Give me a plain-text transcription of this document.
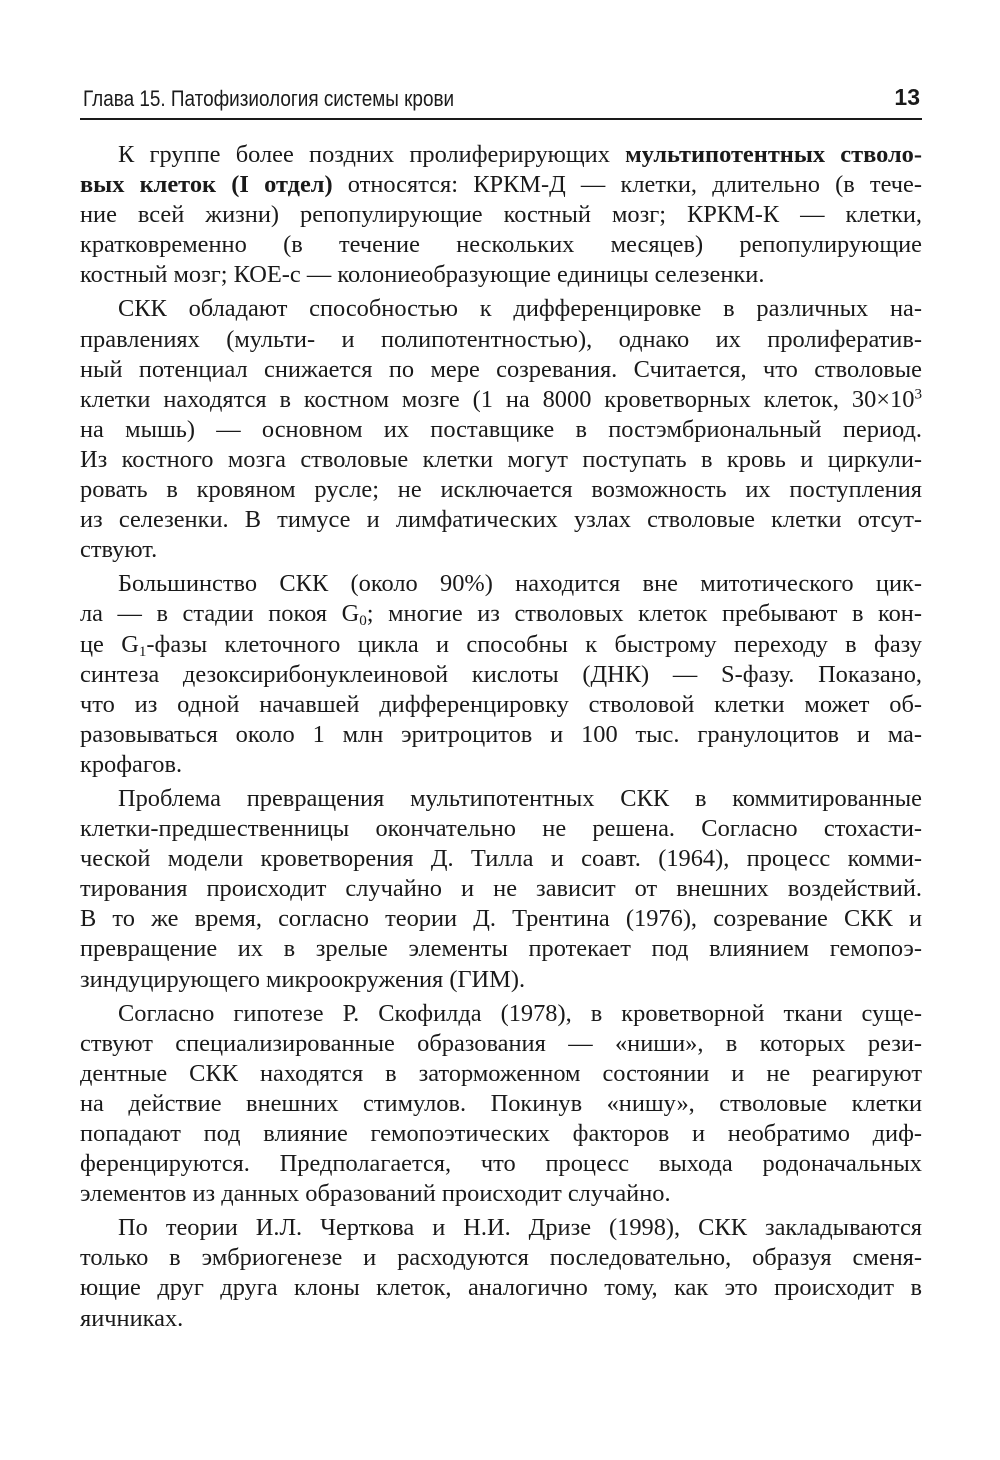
Глава 15. Патофизиология системы крови	13
К группе более поздних пролиферирующих мультипотентных стволо-
вых клеток (I отдел) относятся: КРКМ-Д — клетки, длительно (в тече-
ние всей жизни) репопулирующие костный мозг; КРКМ-К — клетки,
кратковременно (в течение нескольких месяцев) репопулирующие
костный мозг; КОЕ-с — колониеобразующие единицы селезенки.
СКК обладают способностью к дифференцировке в различных на-
правлениях (мульти- и полипотентностью), однако их пролифератив-
ный потенциал снижается по мере созревания. Считается, что стволовые
клетки находятся в костном мозге (1 на 8000 кроветворных клеток, $30\times 10^3$
на мышь) — основном их поставщике в постэмбриональный период.
Из костного мозга стволовые клетки могут поступать в кровь и циркули-
ровать в кровяном русле; не исключается возможность их поступления
из селезенки. В тимусе и лимфатических узлах стволовые клетки отсут-
ствуют.
Большинство СКК (около 90%) находится вне митотического цик-
ла — в стадии покоя $G_0$; многие из стволовых клеток пребывают в кон-
це $G_1$-фазы клеточного цикла и способны к быстрому переходу в фазу
синтеза дезоксирибонуклеиновой кислоты (ДНК) — S-фазу. Показано,
что из одной начавшей дифференцировку стволовой клетки может об-
разовываться около 1 млн эритроцитов и 100 тыс. гранулоцитов и ма-
крофагов.
Проблема превращения мультипотентных СКК в коммитированные
клетки-предшественницы окончательно не решена. Согласно стохасти-
ческой модели кроветворения Д. Тилла и соавт. (1964), процесс комми-
тирования происходит случайно и не зависит от внешних воздействий.
В то же время, согласно теории Д. Трентина (1976), созревание СКК и
превращение их в зрелые элементы протекает под влиянием гемопоэ-
зиндуцирующего микроокружения (ГИМ).
Согласно гипотезе Р. Скофилда (1978), в кроветворной ткани суще-
ствуют специализированные образования — «ниши», в которых рези-
дентные СКК находятся в заторможенном состоянии и не реагируют
на действие внешних стимулов. Покинув «нишу», стволовые клетки
попадают под влияние гемопоэтических факторов и необратимо диф-
ференцируются. Предполагается, что процесс выхода родоначальных
элементов из данных образований происходит случайно.
По теории И.Л. Черткова и Н.И. Дризе (1998), СКК закладываются
только в эмбриогенезе и расходуются последовательно, образуя сменя-
ющие друг друга клоны клеток, аналогично тому, как это происходит в
яичниках.
